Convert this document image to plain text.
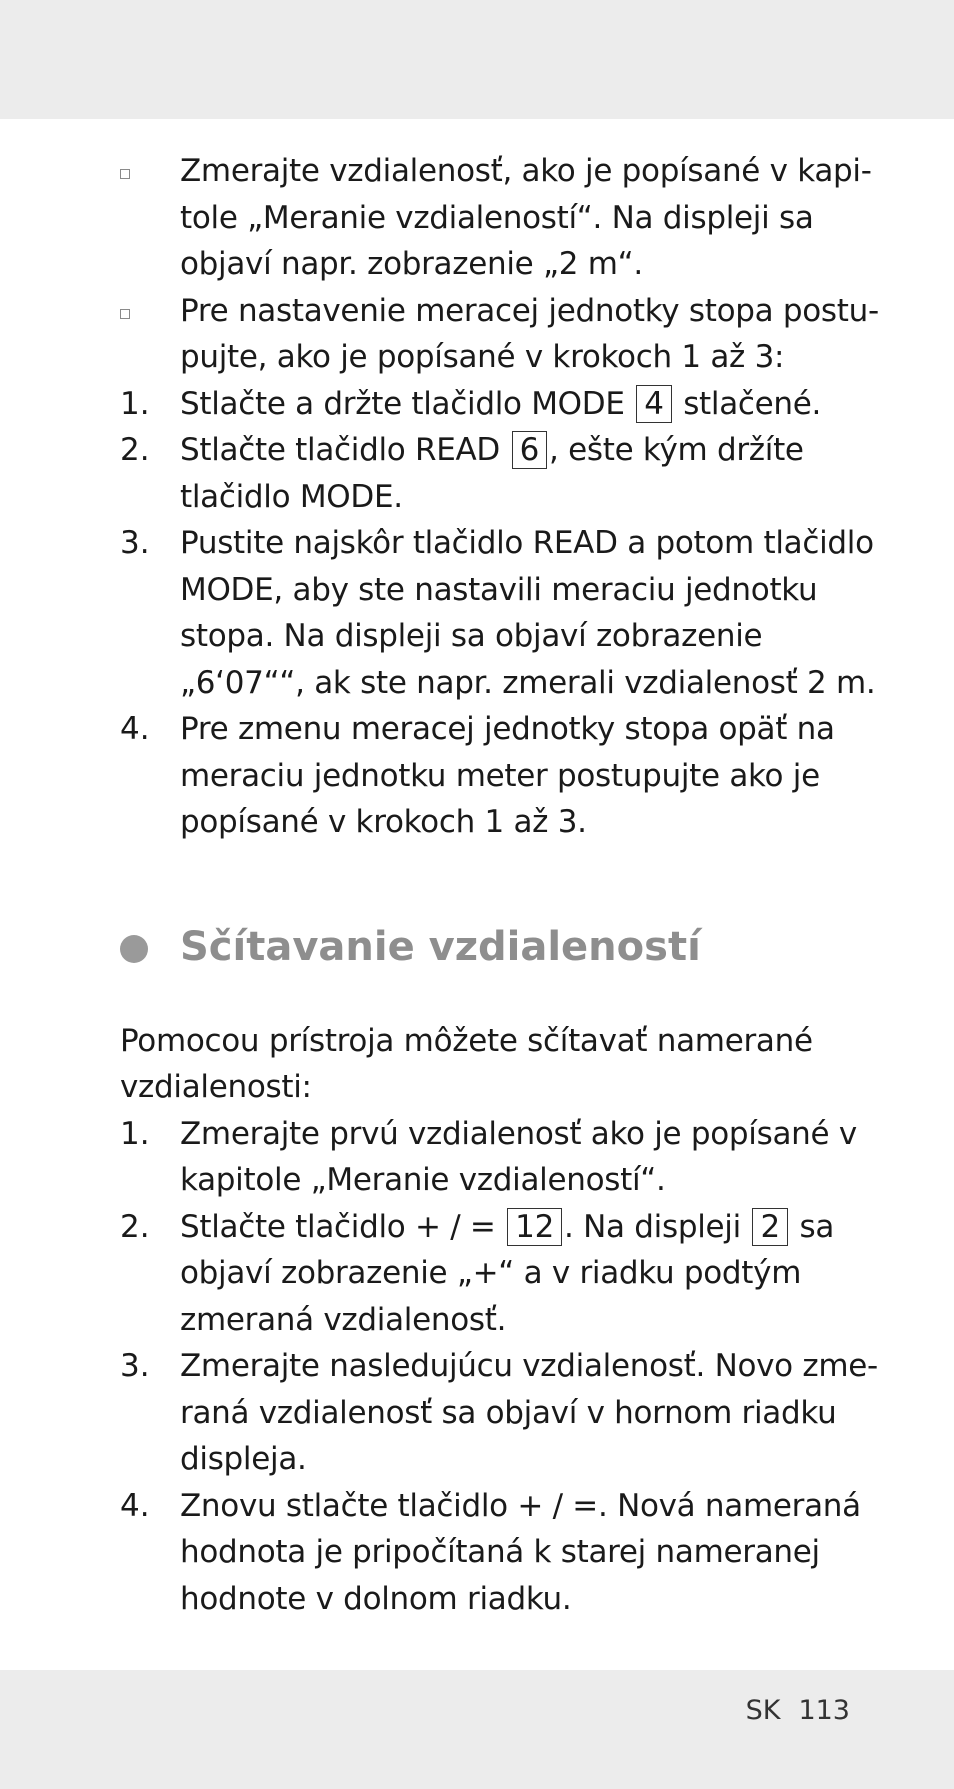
Zmerajte vzdialenosť, ako je popísané v kapi-
tole „Meranie vzdialeností“. Na displeji sa
objaví napr. zobrazenie „2 m“.
Pre nastavenie meracej jednotky stopa postu-
pujte, ako je popísané v krokoch 1 až 3:
1. Stlačte a držte tlačidlo MODE 4 stlačené.
2. Stlačte tlačidlo READ 6 , ešte kým držíte
tlačidlo MODE.
3. Pustite najskôr tlačidlo READ a potom tlačidlo
MODE, aby ste nastavili meraciu jednotku
stopa. Na displeji sa objaví zobrazenie
„6‘07““, ak ste napr. zmerali vzdialenosť 2 m.
4. Pre zmenu meracej jednotky stopa opäť na
meraciu jednotku meter postupujte ako je
popísané v krokoch 1 až 3.
Sčítavanie vzdialeností
Pomocou prístroja môžete sčítavať namerané
vzdialenosti:
1. Zmerajte prvú vzdialenosť ako je popísané v
kapitole „Meranie vzdialeností“.
2. Stlačte tlačidlo + / = 12 . Na displeji 2 sa
objaví zobrazenie „+“ a v riadku podtým
zmeraná vzdialenosť.
3. Zmerajte nasledujúcu vzdialenosť. Novo zme-
raná vzdialenosť sa objaví v hornom riadku
displeja.
4. Znovu stlačte tlačidlo + / =. Nová nameraná
hodnota je pripočítaná k starej nameranej
hodnote v dolnom riadku.
SK 113
